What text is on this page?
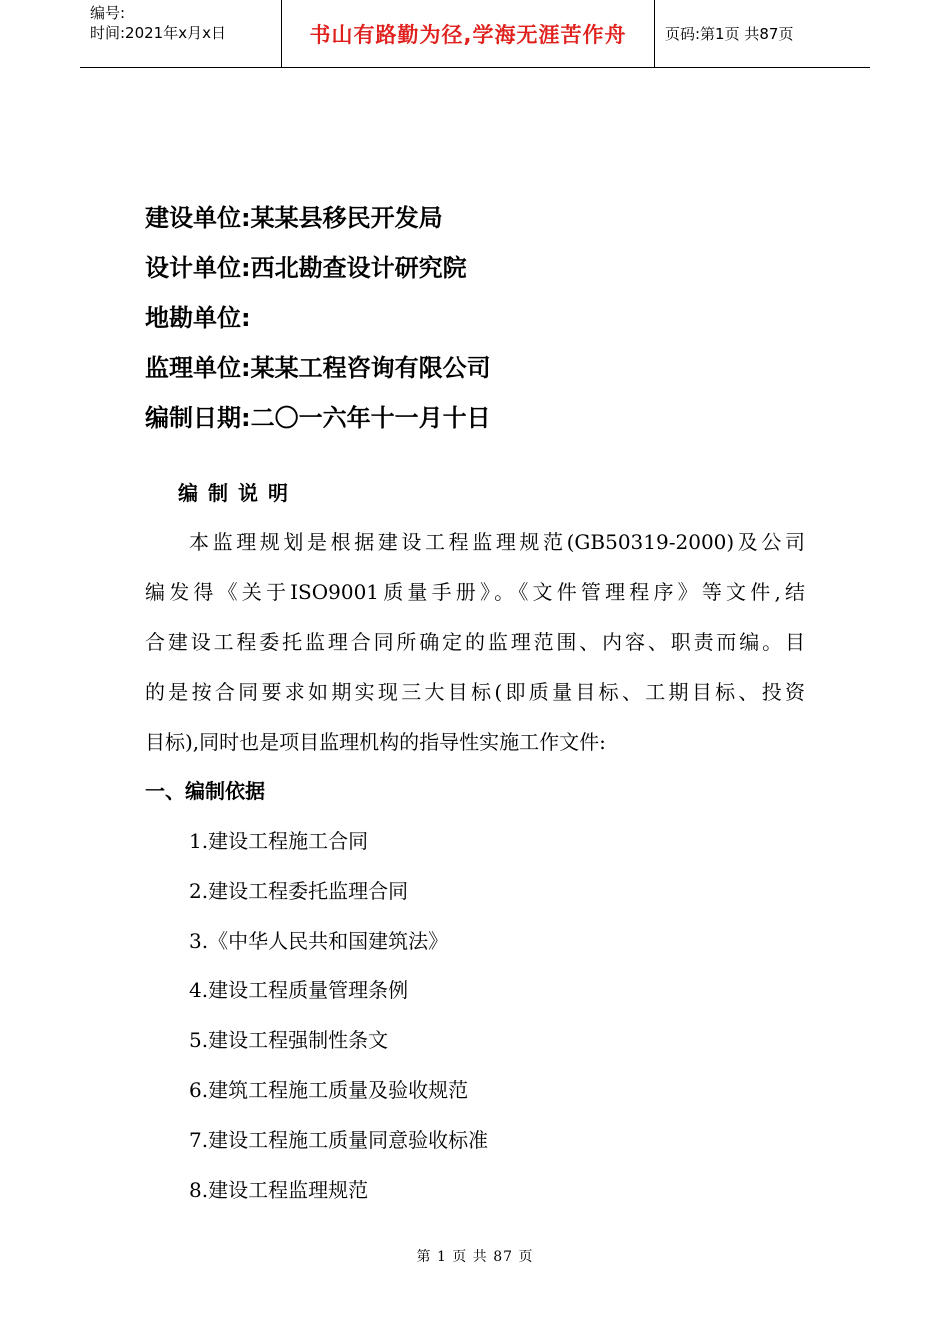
编号:
时间:2021年x月x日	书山有路勤为径,学海无涯苦作舟	页码:第1页 共87页
建设单位:某某县移民开发局
设计单位:西北勘查设计研究院
地勘单位:
监理单位:某某工程咨询有限公司
编制日期:二〇一六年十一月十日
编制说明
本监理规划是根据建设工程监理规范(GB50319-2000)及公司
编发得《关于ISO9001质量手册》。《文件管理程序》等文件,结
合建设工程委托监理合同所确定的监理范围、内容、职责而编。目
的是按合同要求如期实现三大目标(即质量目标、工期目标、投资
目标),同时也是项目监理机构的指导性实施工作文件:
一、编制依据
1.建设工程施工合同
2.建设工程委托监理合同
3.《中华人民共和国建筑法》
4.建设工程质量管理条例
5.建设工程强制性条文
6.建筑工程施工质量及验收规范
7.建设工程施工质量同意验收标准
8.建设工程监理规范
第 1 页 共 87 页
